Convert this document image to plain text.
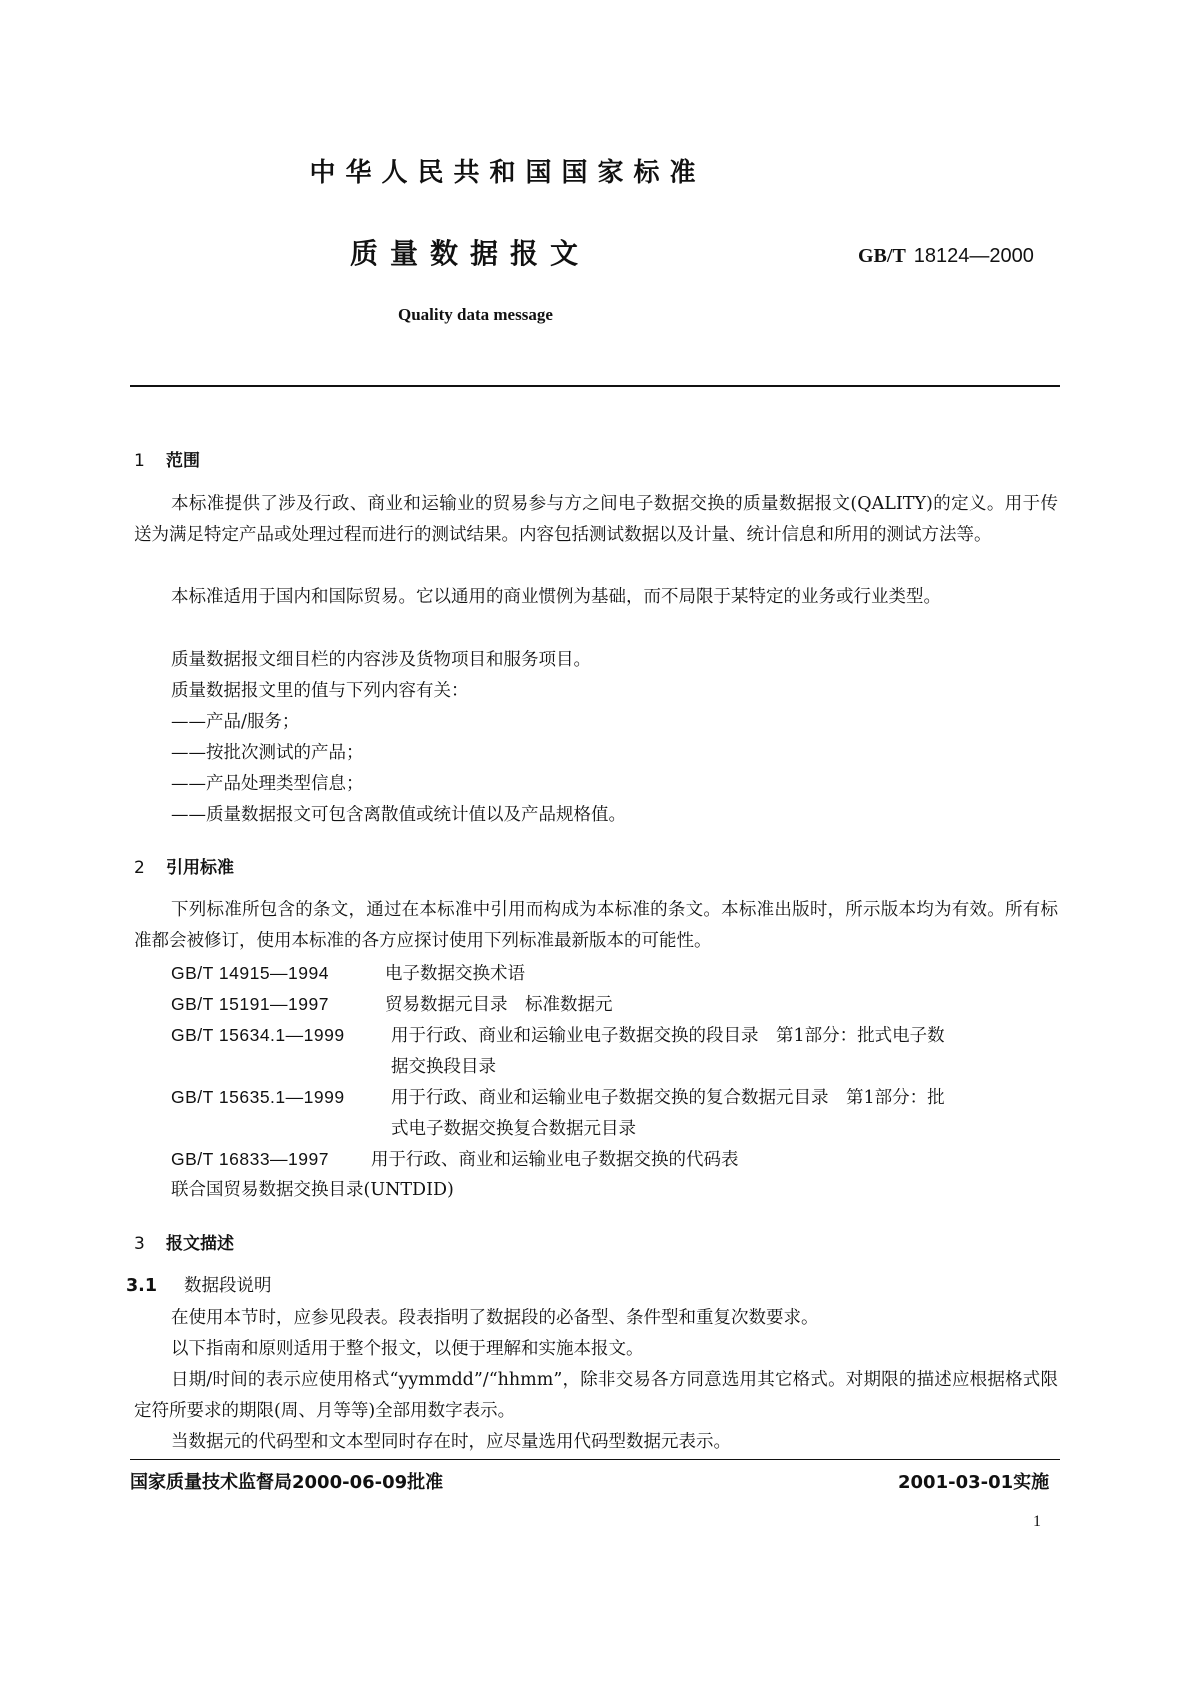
中华人民共和国国家标准
质量数据报文	GB/T 18124—2000
Quality data message
1 范围
本标准提供了涉及行政、商业和运输业的贸易参与方之间电子数据交换的质量数据报文(QALITY)的定义。用于传送为满足特定产品或处理过程而进行的测试结果。内容包括测试数据以及计量、统计信息和所用的测试方法等。
本标准适用于国内和国际贸易。它以通用的商业惯例为基础，而不局限于某特定的业务或行业类型。
质量数据报文细目栏的内容涉及货物项目和服务项目。
质量数据报文里的值与下列内容有关：
——产品/服务；
——按批次测试的产品；
——产品处理类型信息；
——质量数据报文可包含离散值或统计值以及产品规格值。
2 引用标准
下列标准所包含的条文，通过在本标准中引用而构成为本标准的条文。本标准出版时，所示版本均为有效。所有标准都会被修订，使用本标准的各方应探讨使用下列标准最新版本的可能性。
GB/T 14915—1994	电子数据交换术语
GB/T 15191—1997	贸易数据元目录　标准数据元
GB/T 15634.1—1999	用于行政、商业和运输业电子数据交换的段目录　第1部分：批式电子数
据交换段目录
GB/T 15635.1—1999	用于行政、商业和运输业电子数据交换的复合数据元目录　第1部分：批
式电子数据交换复合数据元目录
GB/T 16833—1997 用于行政、商业和运输业电子数据交换的代码表
联合国贸易数据交换目录(UNTDID)
3 报文描述
3.1 数据段说明
在使用本节时，应参见段表。段表指明了数据段的必备型、条件型和重复次数要求。
以下指南和原则适用于整个报文，以便于理解和实施本报文。
日期/时间的表示应使用格式“yymmdd”/“hhmm”，除非交易各方同意选用其它格式。对期限的描述应根据格式限定符所要求的期限(周、月等等)全部用数字表示。
当数据元的代码型和文本型同时存在时，应尽量选用代码型数据元表示。
国家质量技术监督局2000-06-09批准	2001-03-01实施
1
